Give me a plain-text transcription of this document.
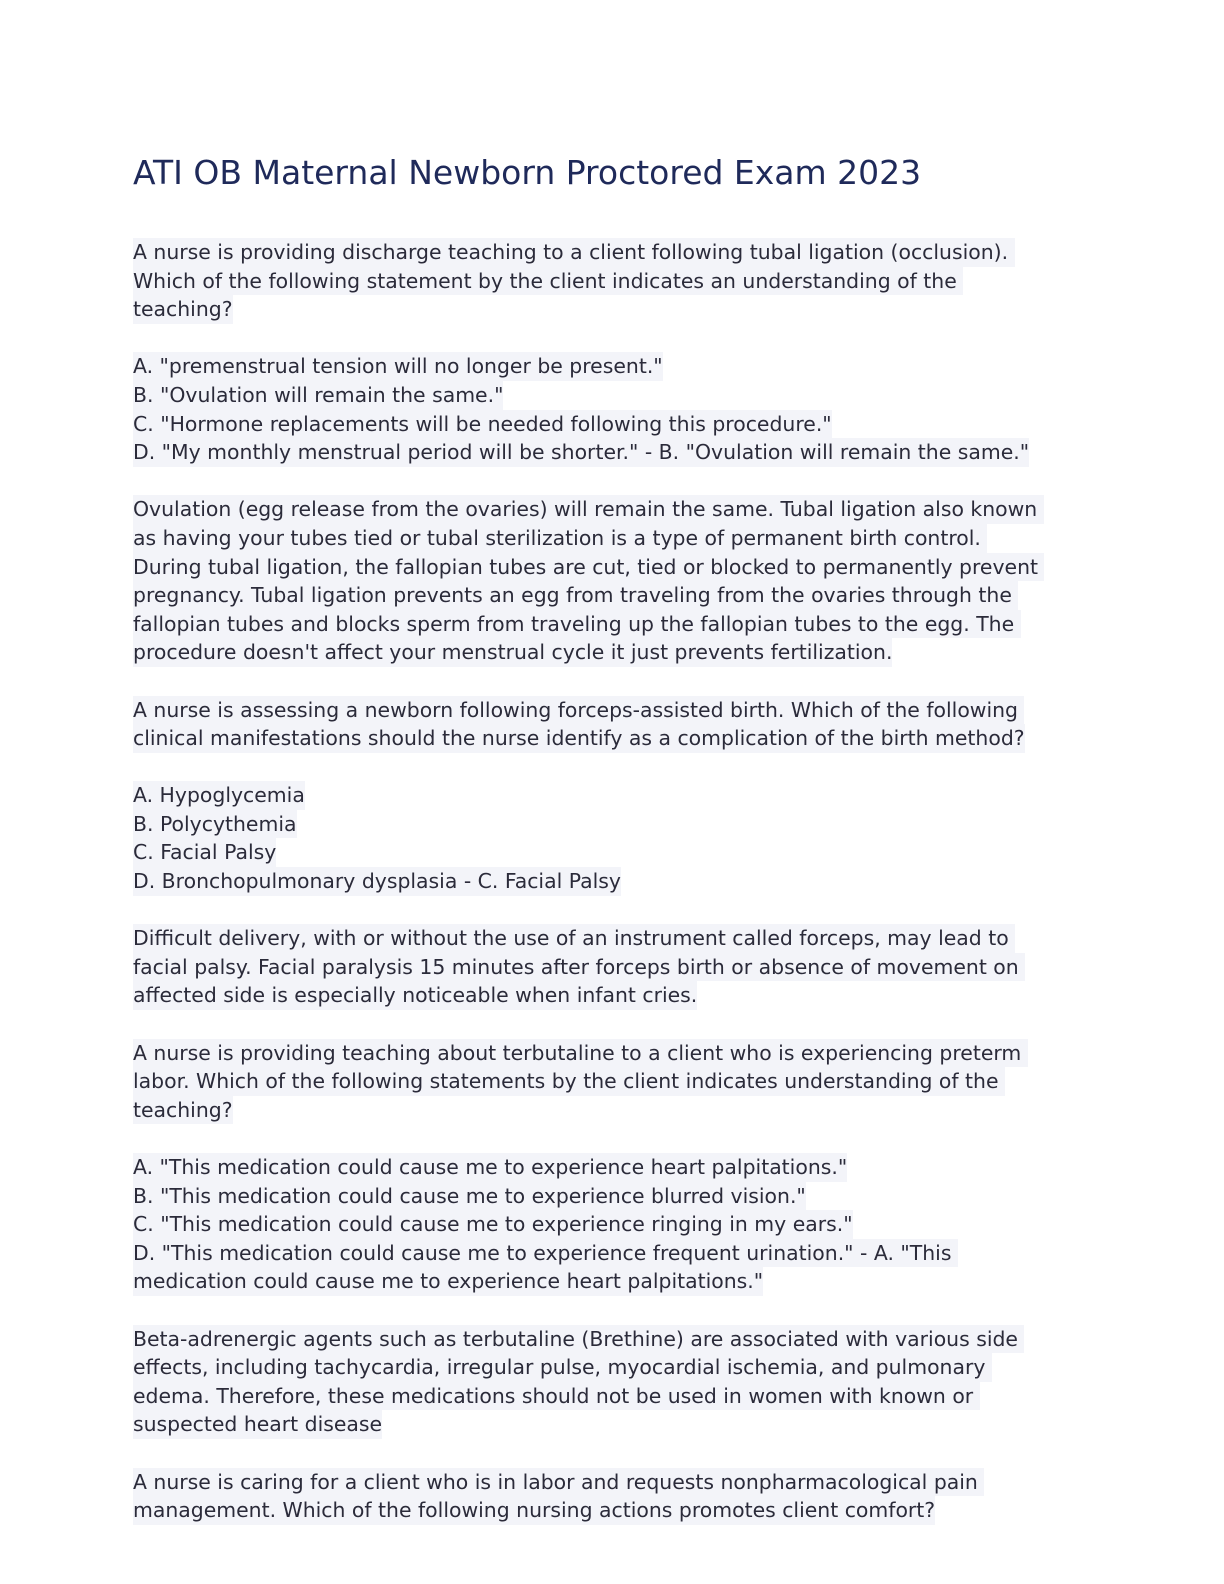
ATI OB Maternal Newborn Proctored Exam 2023
A nurse is providing discharge teaching to a client following tubal ligation (occlusion).
Which of the following statement by the client indicates an understanding of the
teaching?
A. "premenstrual tension will no longer be present."
B. "Ovulation will remain the same."
C. "Hormone replacements will be needed following this procedure."
D. "My monthly menstrual period will be shorter." - B. "Ovulation will remain the same."
Ovulation (egg release from the ovaries) will remain the same. Tubal ligation also known
as having your tubes tied or tubal sterilization is a type of permanent birth control.
During tubal ligation, the fallopian tubes are cut, tied or blocked to permanently prevent
pregnancy. Tubal ligation prevents an egg from traveling from the ovaries through the
fallopian tubes and blocks sperm from traveling up the fallopian tubes to the egg. The
procedure doesn't affect your menstrual cycle it just prevents fertilization.
A nurse is assessing a newborn following forceps-assisted birth. Which of the following
clinical manifestations should the nurse identify as a complication of the birth method?
A. Hypoglycemia
B. Polycythemia
C. Facial Palsy
D. Bronchopulmonary dysplasia - C. Facial Palsy
Difficult delivery, with or without the use of an instrument called forceps, may lead to
facial palsy. Facial paralysis 15 minutes after forceps birth or absence of movement on
affected side is especially noticeable when infant cries.
A nurse is providing teaching about terbutaline to a client who is experiencing preterm
labor. Which of the following statements by the client indicates understanding of the
teaching?
A. "This medication could cause me to experience heart palpitations."
B. "This medication could cause me to experience blurred vision."
C. "This medication could cause me to experience ringing in my ears."
D. "This medication could cause me to experience frequent urination." - A. "This
medication could cause me to experience heart palpitations."
Beta-adrenergic agents such as terbutaline (Brethine) are associated with various side
effects, including tachycardia, irregular pulse, myocardial ischemia, and pulmonary
edema. Therefore, these medications should not be used in women with known or
suspected heart disease
A nurse is caring for a client who is in labor and requests nonpharmacological pain
management. Which of the following nursing actions promotes client comfort?
